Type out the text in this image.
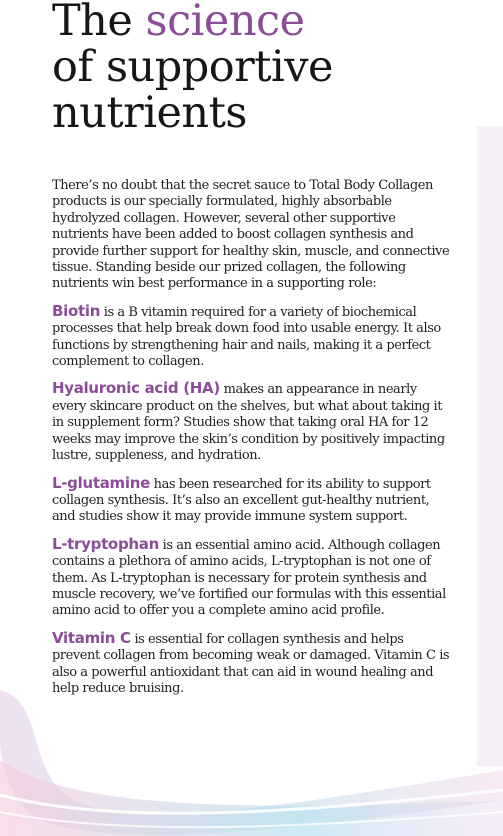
The science
of supportive
nutrients

There’s no doubt that the secret sauce to Total Body Collagen products is our specially formulated, highly absorbable hydrolyzed collagen. However, several other supportive nutrients have been added to boost collagen synthesis and provide further support for healthy skin, muscle, and connective tissue. Standing beside our prized collagen, the following nutrients win best performance in a supporting role:

Biotin is a B vitamin required for a variety of biochemical processes that help break down food into usable energy. It also functions by strengthening hair and nails, making it a perfect complement to collagen.

Hyaluronic acid (HA) makes an appearance in nearly every skincare product on the shelves, but what about taking it in supplement form? Studies show that taking oral HA for 12 weeks may improve the skin’s condition by positively impacting lustre, suppleness, and hydration.

L-glutamine has been researched for its ability to support collagen synthesis. It’s also an excellent gut-healthy nutrient, and studies show it may provide immune system support.

L-tryptophan is an essential amino acid. Although collagen contains a plethora of amino acids, L-tryptophan is not one of them. As L-tryptophan is necessary for protein synthesis and muscle recovery, we’ve fortified our formulas with this essential amino acid to offer you a complete amino acid profile.

Vitamin C is essential for collagen synthesis and helps prevent collagen from becoming weak or damaged. Vitamin C is also a powerful antioxidant that can aid in wound healing and help reduce bruising.
